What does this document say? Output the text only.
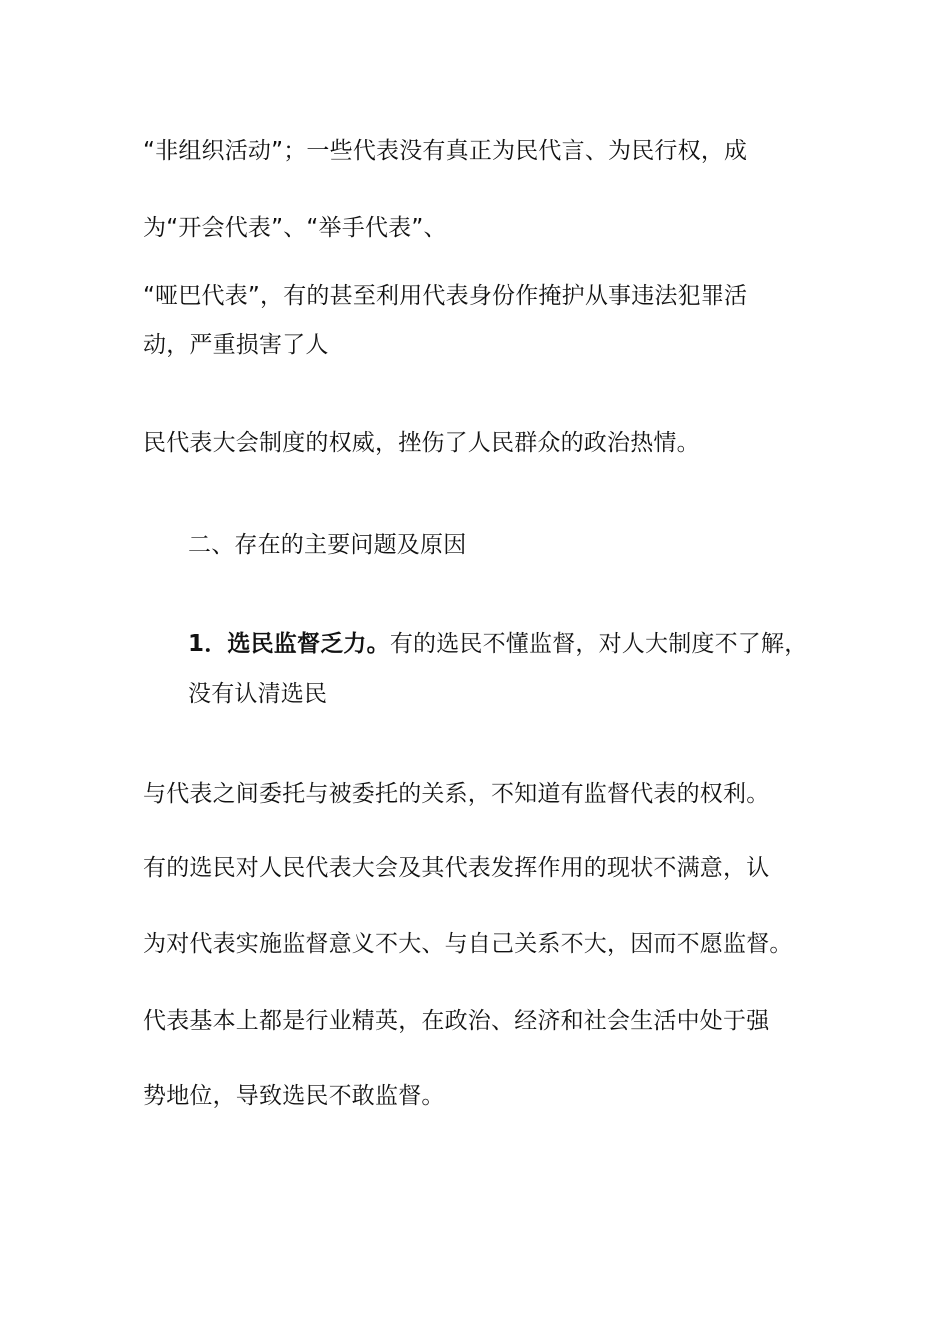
“非组织活动”；一些代表没有真正为民代言、为民行权，成
为“开会代表”、“举手代表”、
“哑巴代表”，有的甚至利用代表身份作掩护从事违法犯罪活
动，严重损害了人
民代表大会制度的权威，挫伤了人民群众的政治热情。
二、存在的主要问题及原因
1．选民监督乏力。有的选民不懂监督，对人大制度不了解，
没有认清选民
与代表之间委托与被委托的关系，不知道有监督代表的权利。
有的选民对人民代表大会及其代表发挥作用的现状不满意，认
为对代表实施监督意义不大、与自己关系不大，因而不愿监督。
代表基本上都是行业精英，在政治、经济和社会生活中处于强
势地位，导致选民不敢监督。
